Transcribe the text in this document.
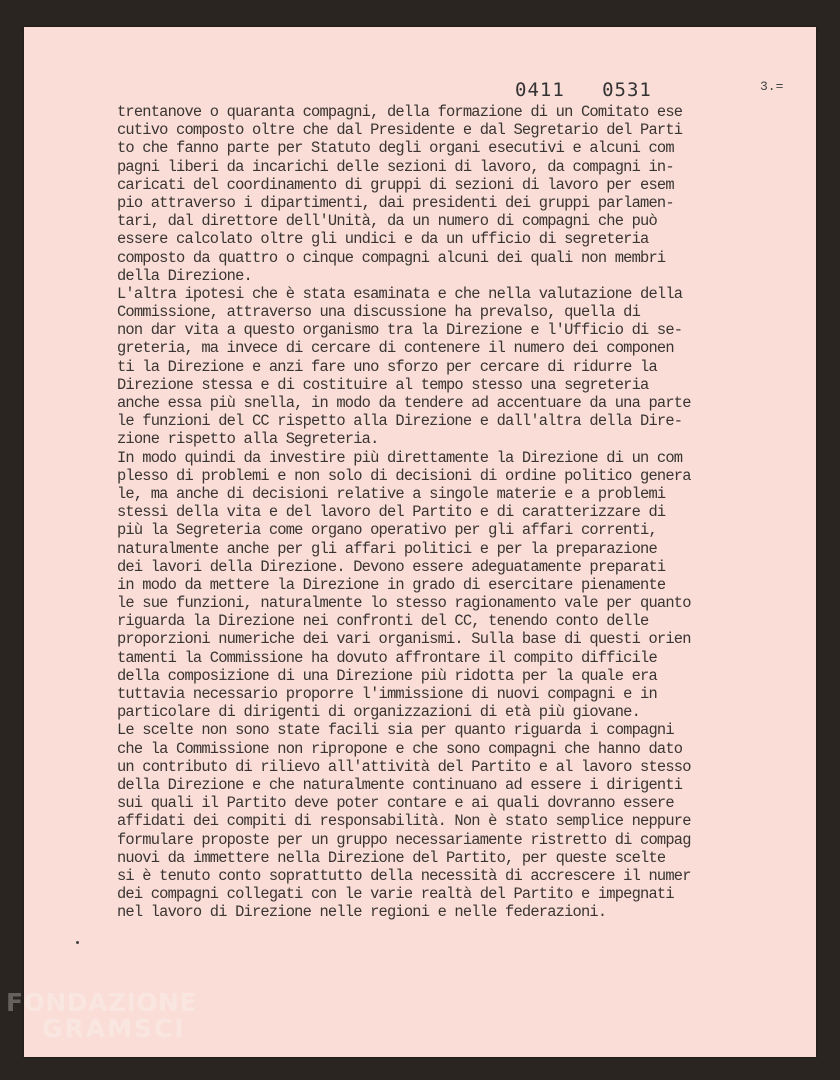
0411   0531	3.=
trentanove o quaranta compagni, della formazione di un Comitato ese
cutivo composto oltre che dal Presidente e dal Segretario del Parti
to che fanno parte per Statuto degli organi esecutivi e alcuni com
pagni liberi da incarichi delle sezioni di lavoro, da compagni in-
caricati del coordinamento di gruppi di sezioni di lavoro per esem
pio attraverso i dipartimenti, dai presidenti dei gruppi parlamen-
tari, dal direttore dell'Unità, da un numero di compagni che può
essere calcolato oltre gli undici e da un ufficio di segreteria
composto da quattro o cinque compagni alcuni dei quali non membri
della Direzione.
L'altra ipotesi che è stata esaminata e che nella valutazione della
Commissione, attraverso una discussione ha prevalso, quella di
non dar vita a questo organismo tra la Direzione e l'Ufficio di se-
greteria, ma invece di cercare di contenere il numero dei componen
ti la Direzione e anzi fare uno sforzo per cercare di ridurre la
Direzione stessa e di costituire al tempo stesso una segreteria
anche essa più snella, in modo da tendere ad accentuare da una parte
le funzioni del CC rispetto alla Direzione e dall'altra della Dire-
zione rispetto alla Segreteria.
In modo quindi da investire più direttamente la Direzione di un com
plesso di problemi e non solo di decisioni di ordine politico genera
le, ma anche di decisioni relative a singole materie e a problemi
stessi della vita e del lavoro del Partito e di caratterizzare di
più la Segreteria come organo operativo per gli affari correnti,
naturalmente anche per gli affari politici e per la preparazione
dei lavori della Direzione. Devono essere adeguatamente preparati
in modo da mettere la Direzione in grado di esercitare pienamente
le sue funzioni, naturalmente lo stesso ragionamento vale per quanto
riguarda la Direzione nei confronti del CC, tenendo conto delle
proporzioni numeriche dei vari organismi. Sulla base di questi orien
tamenti la Commissione ha dovuto affrontare il compito difficile
della composizione di una Direzione più ridotta per la quale era
tuttavia necessario proporre l'immissione di nuovi compagni e in
particolare di dirigenti di organizzazioni di età più giovane.
Le scelte non sono state facili sia per quanto riguarda i compagni
che la Commissione non ripropone e che sono compagni che hanno dato
un contributo di rilievo all'attività del Partito e al lavoro stesso
della Direzione e che naturalmente continuano ad essere i dirigenti
sui quali il Partito deve poter contare e ai quali dovranno essere
affidati dei compiti di responsabilità. Non è stato semplice neppure
formulare proposte per un gruppo necessariamente ristretto di compag
nuovi da immettere nella Direzione del Partito, per queste scelte
si è tenuto conto soprattutto della necessità di accrescere il numer
dei compagni collegati con le varie realtà del Partito e impegnati
nel lavoro di Direzione nelle regioni e nelle federazioni.
FONDAZIONE
GRAMSCI
